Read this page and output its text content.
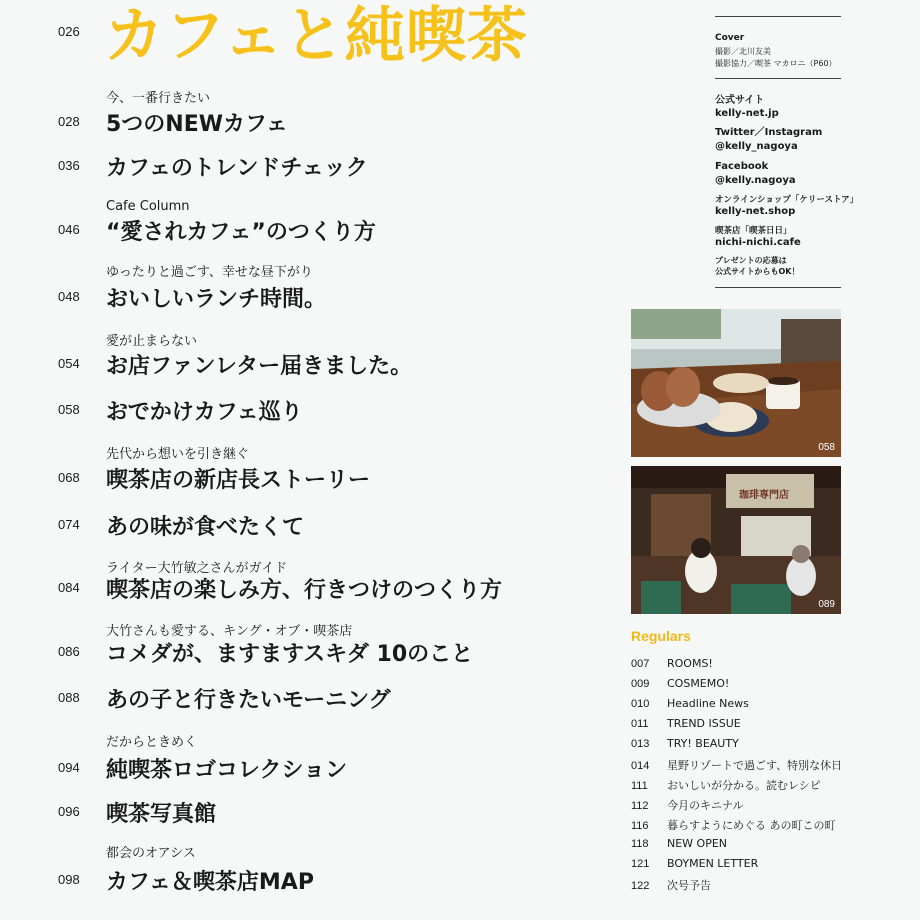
026 カフェと純喫茶
今、一番行きたい
028 5つのNEWカフェ
036 カフェのトレンドチェック
Cafe Column
046 “愛されカフェ”のつくり方
ゆったりと過ごす、幸せな昼下がり
048 おいしいランチ時間。
愛が止まらない
054 お店ファンレター届きました。
058 おでかけカフェ巡り
先代から想いを引き継ぐ
068 喫茶店の新店長ストーリー
074 あの味が食べたくて
ライター大竹敏之さんがガイド
084 喫茶店の楽しみ方、行きつけのつくり方
大竹さんも愛する、キング・オブ・喫茶店
086 コメダが、ますますスキダ 10のこと
088 あの子と行きたいモーニング
だからときめく
094 純喫茶ロゴコレクション
096 喫茶写真館
都会のオアシス
098 カフェ＆喫茶店MAP
Cover
撮影／北川友美
撮影協力／喫茶 マカロニ（P60）
公式サイト
kelly-net.jp
Twitter／Instagram
@kelly_nagoya
Facebook
@kelly.nagoya
オンラインショップ「ケリーストア」
kelly-net.shop
喫茶店「喫茶日日」
nichi-nichi.cafe
プレゼントの応募は
公式サイトからもOK！
058
珈琲専門店
089
Regulars
007 ROOMS!
009 COSMEMO!
010 Headline News
011 TREND ISSUE
013 TRY! BEAUTY
014 星野リゾートで過ごす、特別な休日
111 おいしいが分かる。読むレシピ
112 今月のキニナル
116 暮らすようにめぐる あの町この町
118 NEW OPEN
121 BOYMEN LETTER
122 次号予告
